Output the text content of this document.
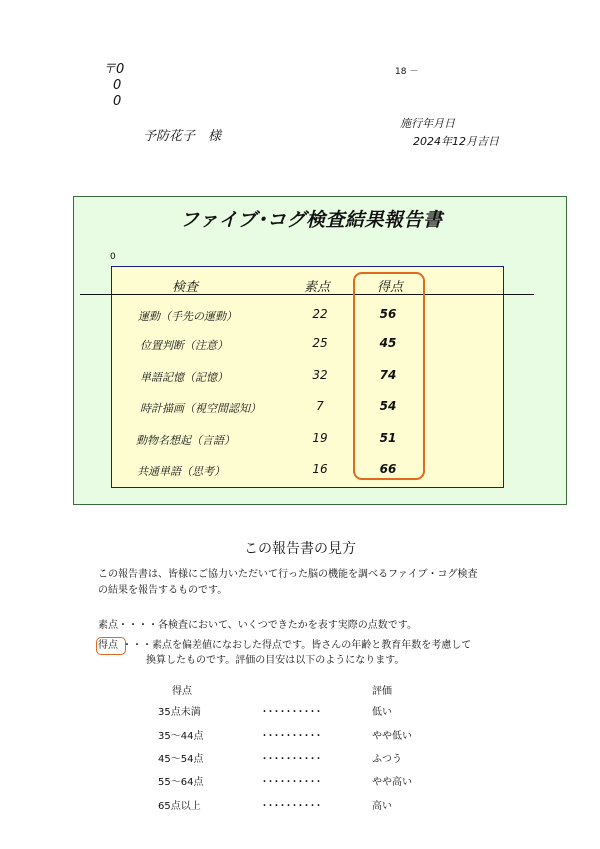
〒0
0
0
18 －
予防花子　様
施行年月日
2024年12月吉日
ファイブ･コグ検査結果報告書
0
検査	素点	得点
運動（手先の運動）	22	56
位置判断（注意）	25	45
単語記憶（記憶）	32	74
時計描画（視空間認知）	7	54
動物名想起（言語）	19	51
共通単語（思考）	16	66
この報告書の見方
この報告書は、皆様にご協力いただいて行った脳の機能を調べるファイブ・コグ検査
の結果を報告するものです。
素点・・・・各検査において、いくつできたかを表す実際の点数です。
得点 ・・・素点を偏差値になおした得点です。皆さんの年齢と教育年数を考慮して
換算したものです。評価の目安は以下のようになります。
得点	評価
35点未満	･･････････	低い
35～44点	･･････････	やや低い
45～54点	･･････････	ふつう
55～64点	･･････････	やや高い
65点以上	･･････････	高い
